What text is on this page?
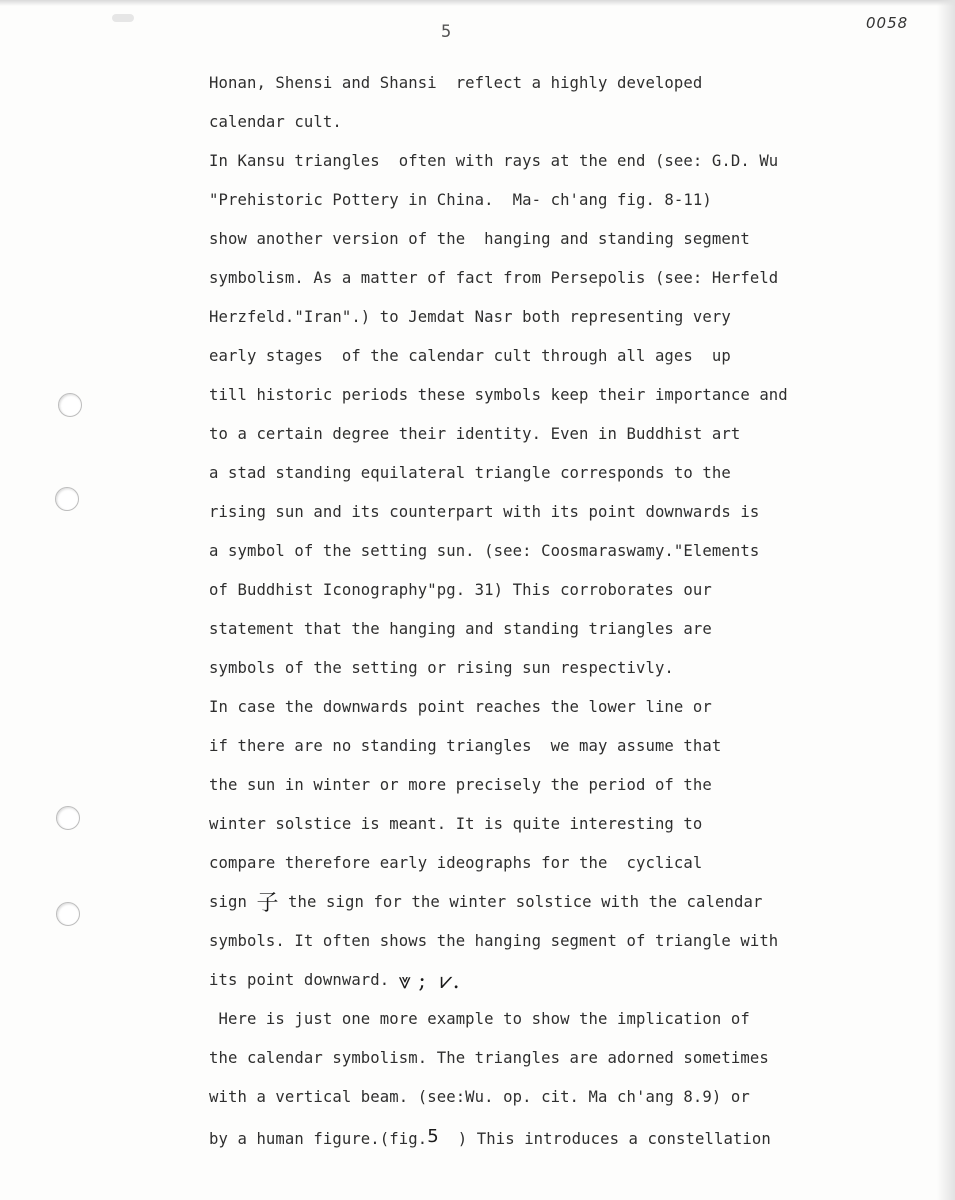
5	0058
Honan, Shensi and Shansi  reflect a highly developed
calendar cult.
In Kansu triangles  often with rays at the end (see: G.D. Wu
"Prehistoric Pottery in China.  Ma- ch'ang fig. 8-11)
show another version of the  hanging and standing segment
symbolism. As a matter of fact from Persepolis (see: Herfeld
Herzfeld."Iran".) to Jemdat Nasr both representing very
early stages  of the calendar cult through all ages  up
till historic periods these symbols keep their importance and
to a certain degree their identity. Even in Buddhist art
a stad standing equilateral triangle corresponds to the
rising sun and its counterpart with its point downwards is
a symbol of the setting sun. (see: Coosmaraswamy."Elements
of Buddhist Iconography"pg. 31) This corroborates our
statement that the hanging and standing triangles are
symbols of the setting or rising sun respectivly.
In case the downwards point reaches the lower line or
if there are no standing triangles  we may assume that
the sun in winter or more precisely the period of the
winter solstice is meant. It is quite interesting to
compare therefore early ideographs for the  cyclical
sign 子 the sign for the winter solstice with the calendar
symbols. It often shows the hanging segment of triangle with
its point downward. ⩔ ;  ⩗.
Here is just one more example to show the implication of
the calendar symbolism. The triangles are adorned sometimes
with a vertical beam. (see:Wu. op. cit. Ma ch'ang 8.9) or
by a human figure.(fig.5  ) This introduces a constellation
